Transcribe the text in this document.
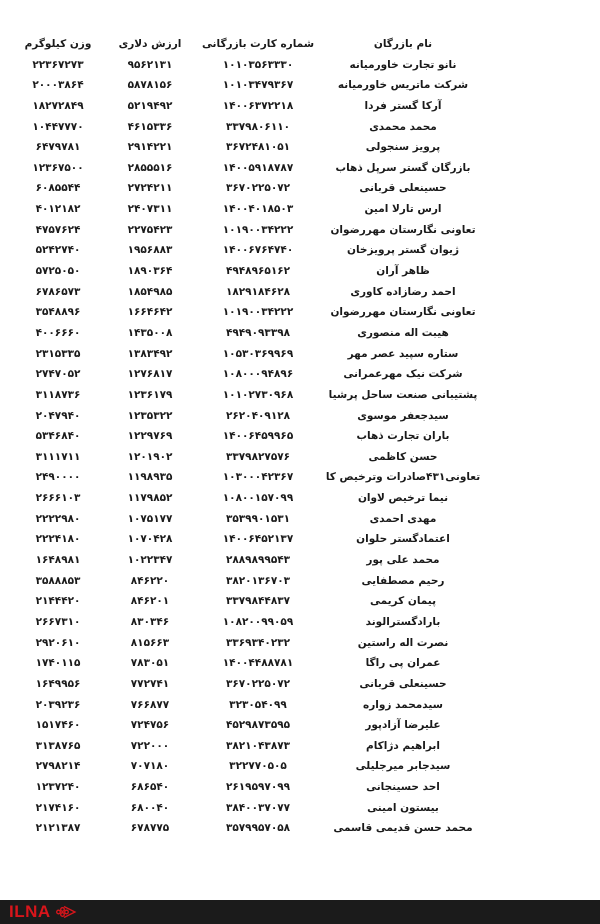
نام بازرگان
شماره کارت بازرگانی
ارزش دلاری
وزن کیلوگرم
نانو تجارت خاورمیانه
۱۰۱۰۳۵۶۳۳۳۰
۹۵۶۲۱۳۱
۲۲۳۶۷۲۷۳
شرکت ماتریس خاورمیانه
۱۰۱۰۳۴۷۹۳۶۷
۵۸۷۸۱۵۶
۲۰۰۰۳۸۶۴
آرکا گستر فردا
۱۴۰۰۶۳۷۲۲۱۸
۵۲۱۹۴۹۲
۱۸۲۷۲۸۴۹
محمد محمدی
۳۳۷۹۸۰۶۱۱۰
۴۶۱۵۳۳۶
۱۰۴۴۷۷۷۰
پرویز سنجولی
۳۶۷۲۴۸۱۰۵۱
۲۹۱۴۲۲۱
۶۴۷۹۷۸۱
بازرگان گستر سرپل ذهاب
۱۴۰۰۵۹۱۸۷۸۷
۲۸۵۵۵۱۶
۱۲۳۶۷۵۰۰
حسینعلی قربانی
۳۶۷۰۲۲۵۰۷۲
۲۷۲۴۲۱۱
۶۰۸۵۵۴۴
ارس تارلا امین
۱۴۰۰۴۰۱۸۵۰۳
۲۴۰۷۳۱۱
۴۰۱۲۱۸۲
تعاونی نگارستان مهررضوان
۱۰۱۹۰۰۳۴۲۲۲
۲۲۷۵۴۲۳
۴۷۵۷۶۲۴
ژیوان گستر پرویزخان
۱۴۰۰۶۷۶۴۷۴۰
۱۹۵۶۸۸۳
۵۲۴۲۷۴۰
ظاهر آران
۴۹۴۸۹۶۵۱۶۲
۱۸۹۰۳۶۴
۵۷۲۵۰۵۰
احمد رضازاده کاوری
۱۸۲۹۱۸۴۶۲۸
۱۸۵۴۹۸۵
۶۷۸۶۵۷۳
تعاونی نگارستان مهررضوان
۱۰۱۹۰۰۳۴۲۲۲
۱۶۶۴۶۴۲
۳۵۴۸۸۹۶
هیبت اله منصوری
۴۹۴۹۰۹۳۳۹۸
۱۴۳۵۰۰۸
۴۰۰۶۶۶۰
ستاره سپید عصر مهر
۱۰۵۳۰۳۶۹۹۶۹
۱۳۸۳۴۹۲
۲۳۱۵۳۳۵
شرکت نیک مهرعمرانی
۱۰۸۰۰۰۹۴۸۹۶
۱۲۷۶۸۱۷
۲۷۴۷۰۵۲
پشتیبانی صنعت ساحل پرشیا
۱۰۱۰۲۷۳۰۹۶۸
۱۲۳۶۱۷۹
۳۱۱۸۷۳۶
سیدجعفر موسوی
۲۶۲۰۴۰۹۱۲۸
۱۲۳۵۳۲۲
۲۰۴۷۹۴۰
باران تجارت ذهاب
۱۴۰۰۶۴۵۹۹۶۵
۱۲۲۹۷۶۹
۵۳۴۶۸۴۰
حسن کاظمی
۳۳۷۹۸۲۷۵۷۶
۱۲۰۱۹۰۲
۳۱۱۱۷۱۱
تعاونی۴۳۱صادرات وترخیص کا
۱۰۳۰۰۰۴۲۳۶۷
۱۱۹۸۹۳۵
۲۴۹۰۰۰۰
نیما ترخیص لاوان
۱۰۸۰۰۱۵۷۰۹۹
۱۱۷۹۸۵۲
۲۶۶۶۱۰۳
مهدی احمدی
۳۵۳۹۹۰۱۵۳۱
۱۰۷۵۱۷۷
۲۲۲۲۹۸۰
اعتمادگستر حلوان
۱۴۰۰۶۴۵۲۱۳۷
۱۰۷۰۴۲۸
۲۲۲۴۱۸۰
محمد علی پور
۲۸۸۹۸۹۹۵۴۳
۱۰۲۲۳۴۷
۱۶۴۸۹۸۱
رحیم مصطفایی
۳۸۲۰۱۳۶۷۰۳
۸۴۶۲۲۰
۳۵۸۸۸۵۳
پیمان کریمی
۳۳۷۹۸۴۴۸۳۷
۸۴۶۲۰۱
۲۱۴۴۴۲۰
بارادگسترالوند
۱۰۸۲۰۰۹۹۰۵۹
۸۳۰۳۴۶
۲۶۶۷۳۱۰
نصرت اله راستین
۳۳۶۹۳۴۰۲۳۲
۸۱۵۶۶۳
۲۹۲۰۶۱۰
عمران پی راگا
۱۴۰۰۴۴۸۸۷۸۱
۷۸۳۰۵۱
۱۷۴۰۱۱۵
حسینعلی قربانی
۳۶۷۰۲۲۵۰۷۲
۷۷۲۷۴۱
۱۶۴۹۹۵۶
سیدمحمد زواره
۳۲۳۰۵۴۰۹۹
۷۶۶۸۷۷
۲۰۳۹۲۳۶
علیرضا آزادپور
۴۵۲۹۸۷۳۵۹۵
۷۲۴۷۵۶
۱۵۱۷۴۶۰
ابراهیم دژاکام
۳۸۲۱۰۴۳۸۷۳
۷۲۲۰۰۰
۳۱۳۸۷۶۵
سیدجابر میرجلیلی
۳۲۲۷۷۰۵۰۵
۷۰۷۱۸۰
۲۷۹۸۲۱۴
احد حسینجانی
۲۶۱۹۵۹۷۰۹۹
۶۸۶۵۴۰
۱۲۳۷۲۴۰
بیستون امینی
۳۸۴۰۰۳۷۰۷۷
۶۸۰۰۴۰
۲۱۷۴۱۶۰
محمد حسن قدیمی قاسمی
۳۵۷۹۹۵۷۰۵۸
۶۷۸۷۷۵
۲۱۲۱۳۸۷
ILNA
